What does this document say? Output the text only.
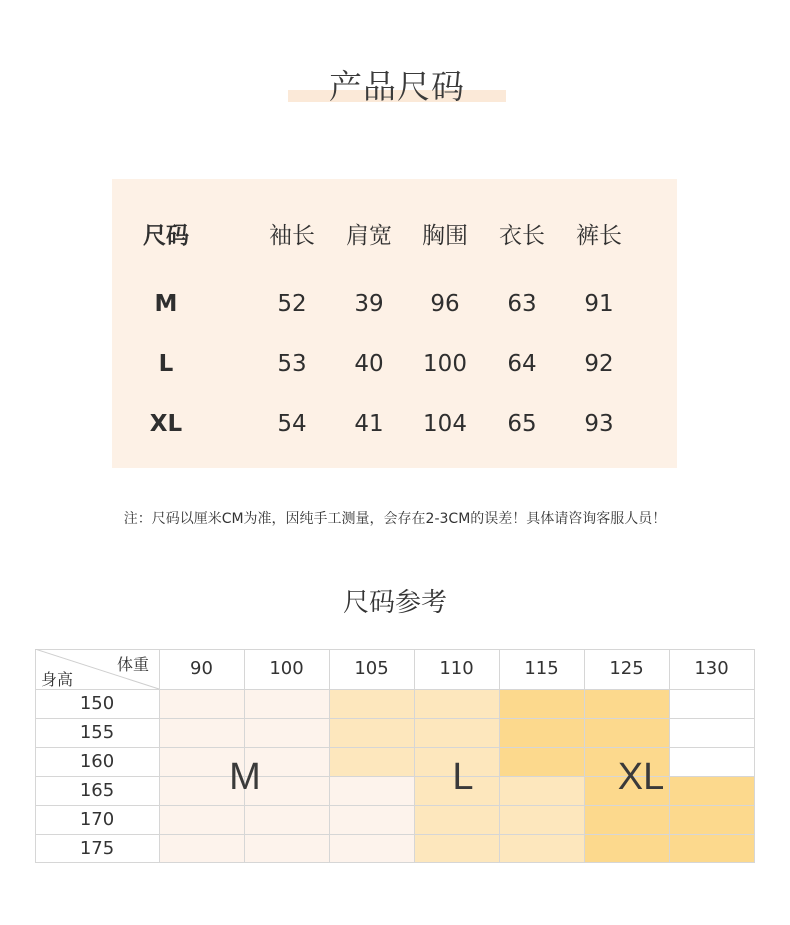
产品尺码
尺码	袖长	肩宽	胸围	衣长	裤长
M	52	39	96	63	91
L	53	40	100	64	92
XL	54	41	104	65	93
注：尺码以厘米CM为准，因纯手工测量，会存在2-3CM的误差！具体请咨询客服人员！
尺码参考
体重
身高
90	100	105	110	115	125	130
150
155
160
165
170
175
M	L	XL
